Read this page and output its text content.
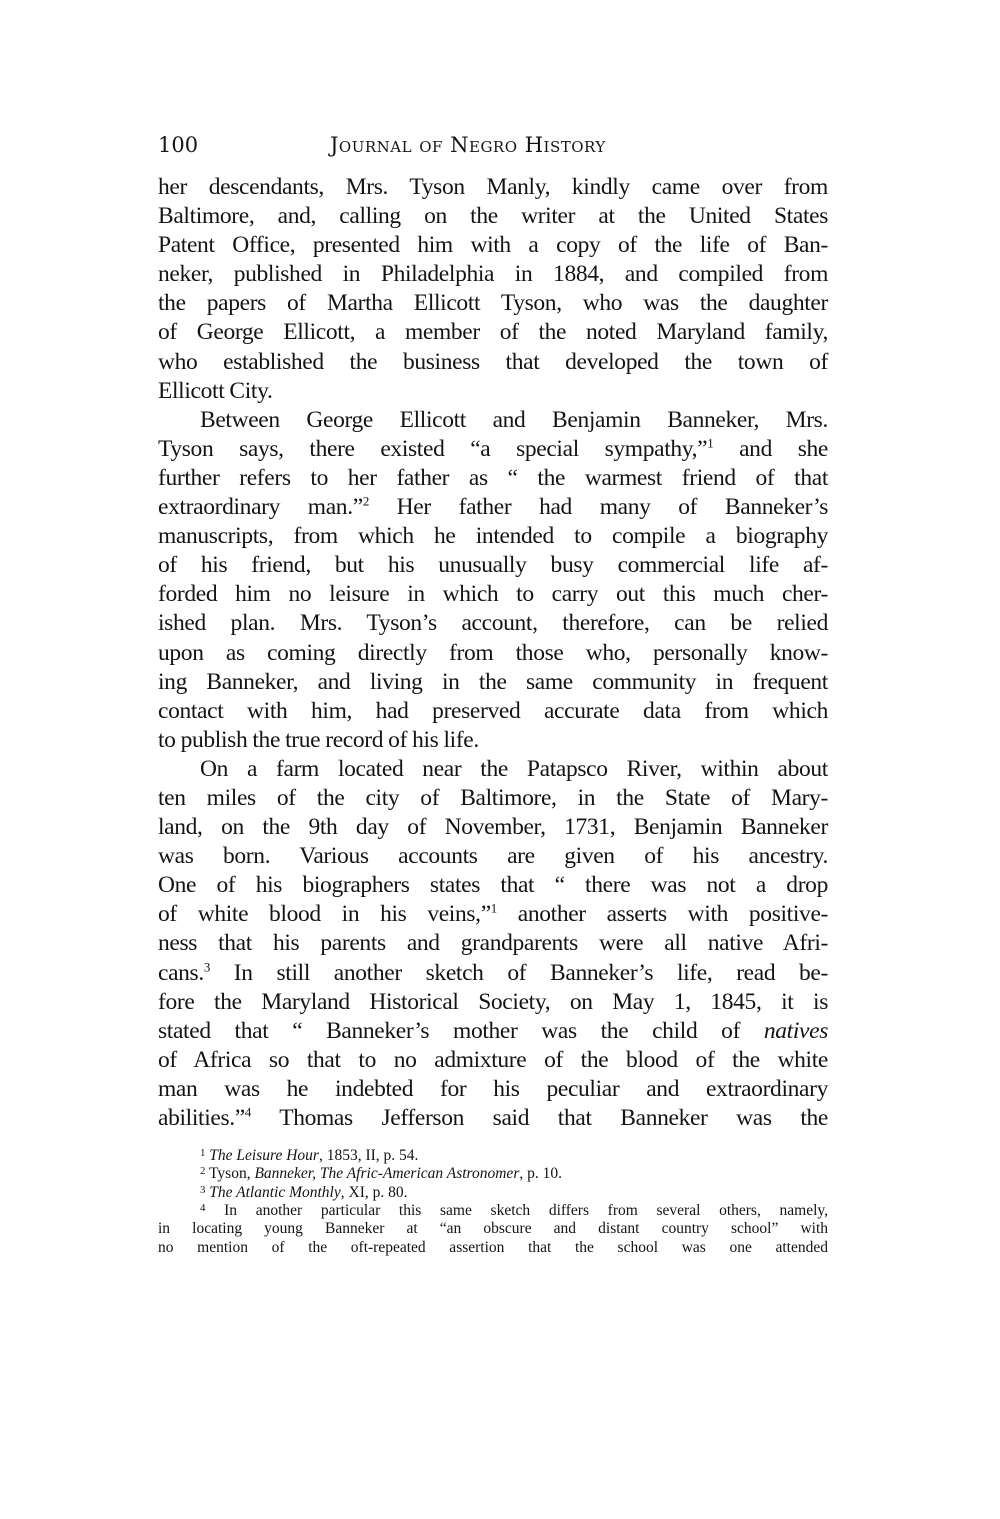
100	Journal of Negro History
her descendants, Mrs. Tyson Manly, kindly came over from
Baltimore, and, calling on the writer at the United States
Patent Office, presented him with a copy of the life of Ban-
neker, published in Philadelphia in 1884, and compiled from
the papers of Martha Ellicott Tyson, who was the daughter
of George Ellicott, a member of the noted Maryland family,
who established the business that developed the town of
Ellicott City.
Between George Ellicott and Benjamin Banneker, Mrs.
Tyson says, there existed “a special sympathy,”$^1$ and she
further refers to her father as “ the warmest friend of that
extraordinary man.”$^2$ Her father had many of Banneker’s
manuscripts, from which he intended to compile a biography
of his friend, but his unusually busy commercial life af-
forded him no leisure in which to carry out this much cher-
ished plan. Mrs. Tyson’s account, therefore, can be relied
upon as coming directly from those who, personally know-
ing Banneker, and living in the same community in frequent
contact with him, had preserved accurate data from which
to publish the true record of his life.
On a farm located near the Patapsco River, within about
ten miles of the city of Baltimore, in the State of Mary-
land, on the 9th day of November, 1731, Benjamin Banneker
was born. Various accounts are given of his ancestry.
One of his biographers states that “ there was not a drop
of white blood in his veins,”$^1$ another asserts with positive-
ness that his parents and grandparents were all native Afri-
cans.$^3$ In still another sketch of Banneker’s life, read be-
fore the Maryland Historical Society, on May 1, 1845, it is
stated that “ Banneker’s mother was the child of natives
of Africa so that to no admixture of the blood of the white
man was he indebted for his peculiar and extraordinary
abilities.”$^4$ Thomas Jefferson said that Banneker was the
$^1$ The Leisure Hour, 1853, II, p. 54.
$^2$ Tyson, Banneker, The Afric-American Astronomer, p. 10.
$^3$ The Atlantic Monthly, XI, p. 80.
$^4$ In another particular this same sketch differs from several others, namely,
in locating young Banneker at “an obscure and distant country school” with
no mention of the oft-repeated assertion that the school was one attended
